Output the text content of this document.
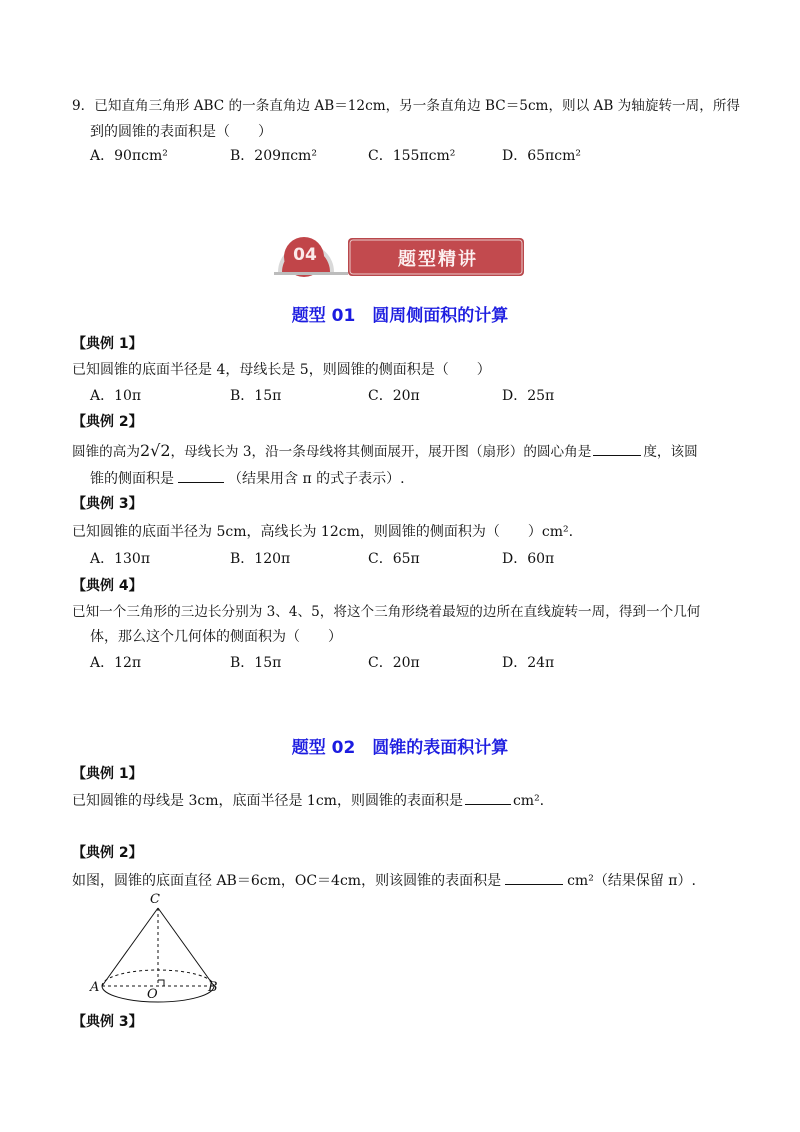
9．已知直角三角形 ABC 的一条直角边 AB＝12cm，另一条直角边 BC＝5cm，则以 AB 为轴旋转一周，所得
到的圆锥的表面积是（　　）
A．90πcm²	B．209πcm²	C．155πcm²	D．65πcm²
04	题型精讲
题型 01　圆周侧面积的计算
【典例 1】
已知圆锥的底面半径是 4，母线长是 5，则圆锥的侧面积是（　　）
A．10π	B．15π	C．20π	D．25π
【典例 2】
圆锥的高为2√2，母线长为 3，沿一条母线将其侧面展开，展开图（扇形）的圆心角是	度，该圆
锥的侧面积是	（结果用含 π 的式子表示）.
【典例 3】
已知圆锥的底面半径为 5cm，高线长为 12cm，则圆锥的侧面积为（　　）cm².
A．130π	B．120π	C．65π	D．60π
【典例 4】
已知一个三角形的三边长分别为 3、4、5，将这个三角形绕着最短的边所在直线旋转一周，得到一个几何
体，那么这个几何体的侧面积为（　　）
A．12π	B．15π	C．20π	D．24π
题型 02　圆锥的表面积计算
【典例 1】
已知圆锥的母线是 3cm，底面半径是 1cm，则圆锥的表面积是	cm².
【典例 2】
如图，圆锥的底面直径 AB＝6cm，OC＝4cm，则该圆锥的表面积是	cm²（结果保留 π）.
C
A	B
O
【典例 3】
